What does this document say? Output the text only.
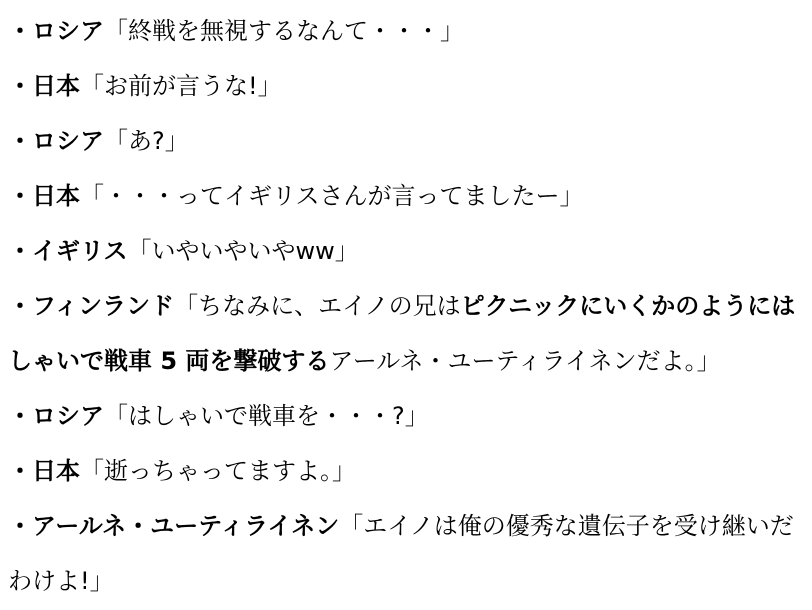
・ロシア「終戦を無視するなんて・・・」

・日本「お前が言うな!」

・ロシア「あ?」

・日本「・・・ってイギリスさんが言ってましたー」

・イギリス「いやいやいやww」

・フィンランド「ちなみに、エイノの兄はピクニックにいくかのようにはしゃいで戦車 5 両を撃破するアールネ・ユーティライネンだよ。」

・ロシア「はしゃいで戦車を・・・?」

・日本「逝っちゃってますよ。」

・アールネ・ユーティライネン「エイノは俺の優秀な遺伝子を受け継いだわけよ!」
